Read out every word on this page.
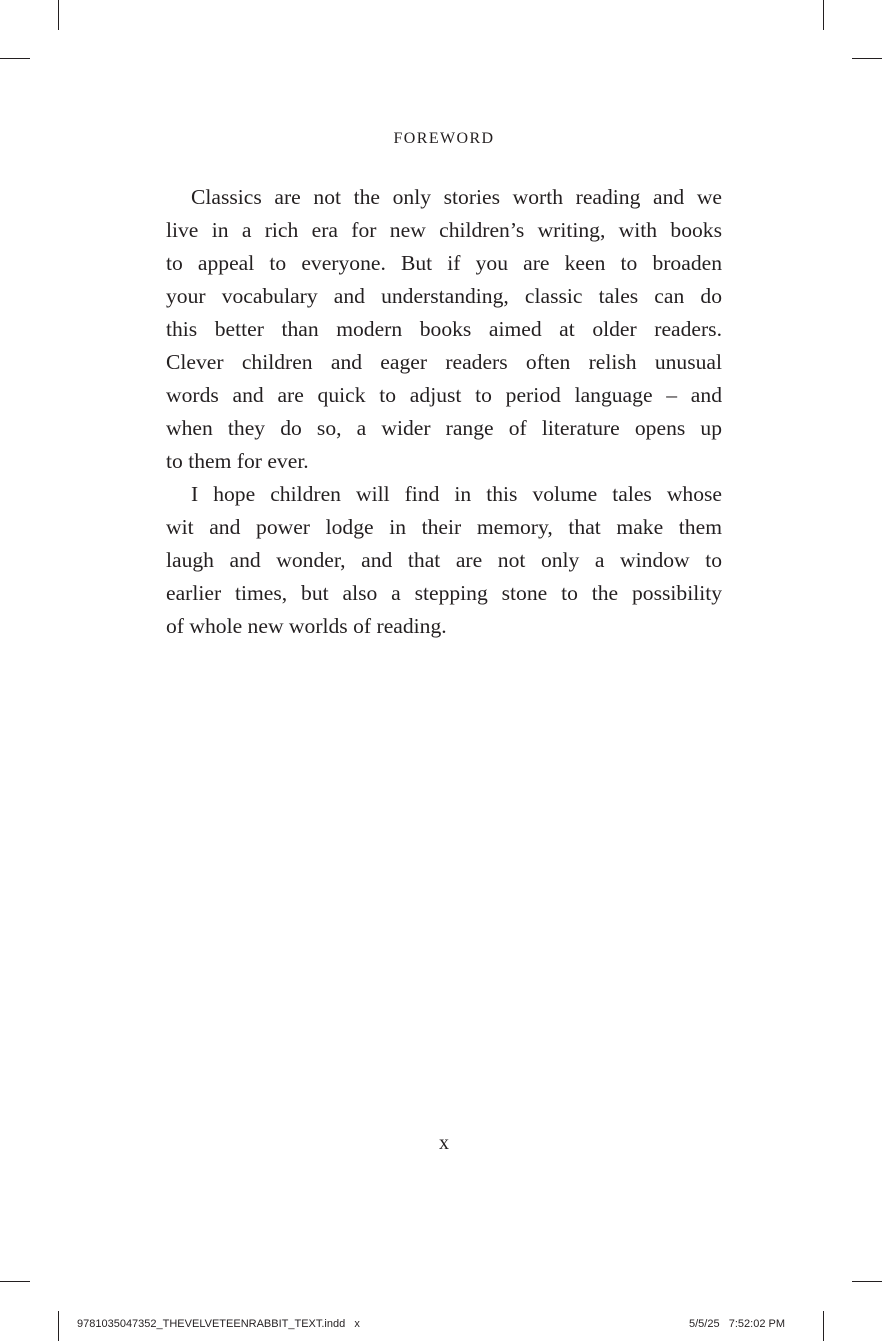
FOREWORD
Classics are not the only stories worth reading and we
live in a rich era for new children’s writing, with books
to appeal to everyone. But if you are keen to broaden
your vocabulary and understanding, classic tales can do
this better than modern books aimed at older readers.
Clever children and eager readers often relish unusual
words and are quick to adjust to period language – and
when they do so, a wider range of literature opens up
to them for ever.
I hope children will find in this volume tales whose
wit and power lodge in their memory, that make them
laugh and wonder, and that are not only a window to
earlier times, but also a stepping stone to the possibility
of whole new worlds of reading.
x
9781035047352_THEVELVETEENRABBIT_TEXT.indd   x	5/5/25   7:52:02 PM
